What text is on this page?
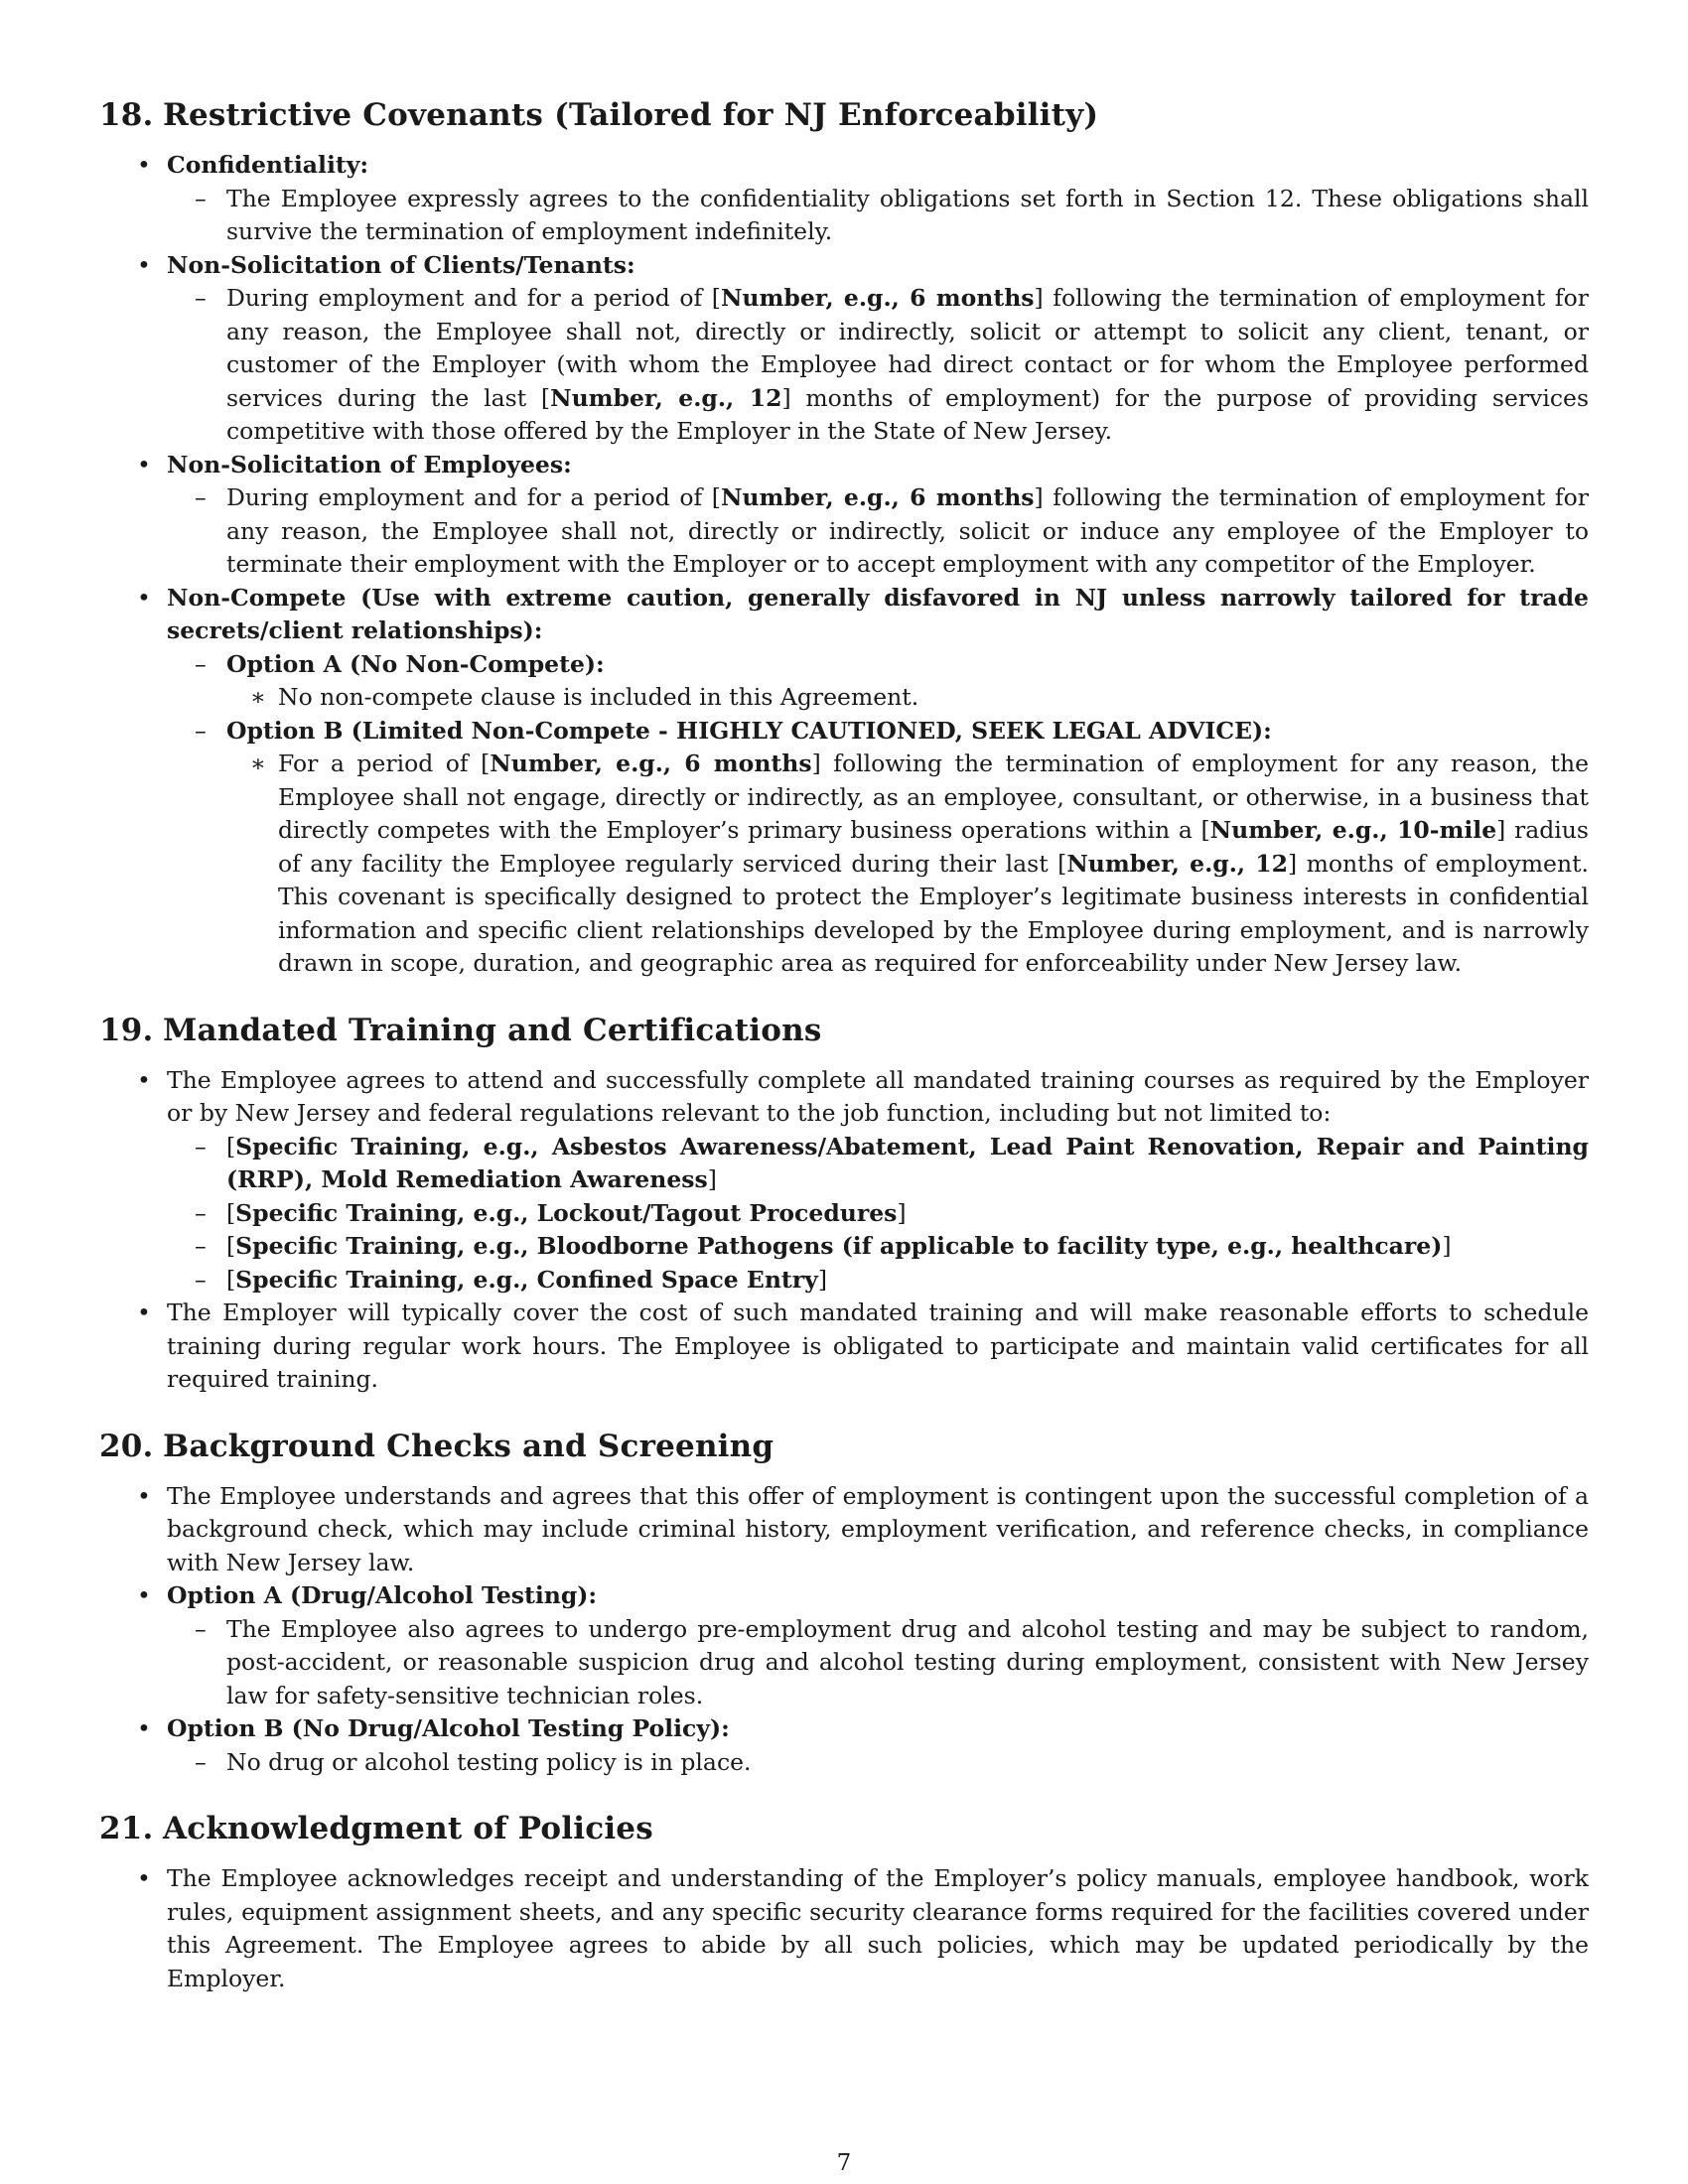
18. Restrictive Covenants (Tailored for NJ Enforceability)
• Confidentiality:
– The Employee expressly agrees to the confidentiality obligations set forth in Section 12. These obligations shall survive the termination of employment indefinitely.
• Non-Solicitation of Clients/Tenants:
– During employment and for a period of [Number, e.g., 6 months] following the termination of employment for any reason, the Employee shall not, directly or indirectly, solicit or attempt to solicit any client, tenant, or customer of the Employer (with whom the Employee had direct contact or for whom the Employee performed services during the last [Number, e.g., 12] months of employment) for the purpose of providing services competitive with those offered by the Employer in the State of New Jersey.
• Non-Solicitation of Employees:
– During employment and for a period of [Number, e.g., 6 months] following the termination of employment for any reason, the Employee shall not, directly or indirectly, solicit or induce any employee of the Employer to terminate their employment with the Employer or to accept employment with any competitor of the Employer.
• Non-Compete (Use with extreme caution, generally disfavored in NJ unless narrowly tailored for trade secrets/client relationships):
– Option A (No Non-Compete):
∗ No non-compete clause is included in this Agreement.
– Option B (Limited Non-Compete - HIGHLY CAUTIONED, SEEK LEGAL ADVICE):
∗ For a period of [Number, e.g., 6 months] following the termination of employment for any reason, the Employee shall not engage, directly or indirectly, as an employee, consultant, or otherwise, in a business that directly competes with the Employer’s primary business operations within a [Number, e.g., 10-mile] radius of any facility the Employee regularly serviced during their last [Number, e.g., 12] months of employment. This covenant is specifically designed to protect the Employer’s legitimate business interests in confidential information and specific client relationships developed by the Employee during employment, and is narrowly drawn in scope, duration, and geographic area as required for enforceability under New Jersey law.
19. Mandated Training and Certifications
• The Employee agrees to attend and successfully complete all mandated training courses as required by the Employer or by New Jersey and federal regulations relevant to the job function, including but not limited to:
– [Specific Training, e.g., Asbestos Awareness/Abatement, Lead Paint Renovation, Repair and Painting (RRP), Mold Remediation Awareness]
– [Specific Training, e.g., Lockout/Tagout Procedures]
– [Specific Training, e.g., Bloodborne Pathogens (if applicable to facility type, e.g., healthcare)]
– [Specific Training, e.g., Confined Space Entry]
• The Employer will typically cover the cost of such mandated training and will make reasonable efforts to schedule training during regular work hours. The Employee is obligated to participate and maintain valid certificates for all required training.
20. Background Checks and Screening
• The Employee understands and agrees that this offer of employment is contingent upon the successful completion of a background check, which may include criminal history, employment verification, and reference checks, in compliance with New Jersey law.
• Option A (Drug/Alcohol Testing):
– The Employee also agrees to undergo pre-employment drug and alcohol testing and may be subject to random, post-accident, or reasonable suspicion drug and alcohol testing during employment, consistent with New Jersey law for safety-sensitive technician roles.
• Option B (No Drug/Alcohol Testing Policy):
– No drug or alcohol testing policy is in place.
21. Acknowledgment of Policies
• The Employee acknowledges receipt and understanding of the Employer’s policy manuals, employee handbook, work rules, equipment assignment sheets, and any specific security clearance forms required for the facilities covered under this Agreement. The Employee agrees to abide by all such policies, which may be updated periodically by the Employer.
7
